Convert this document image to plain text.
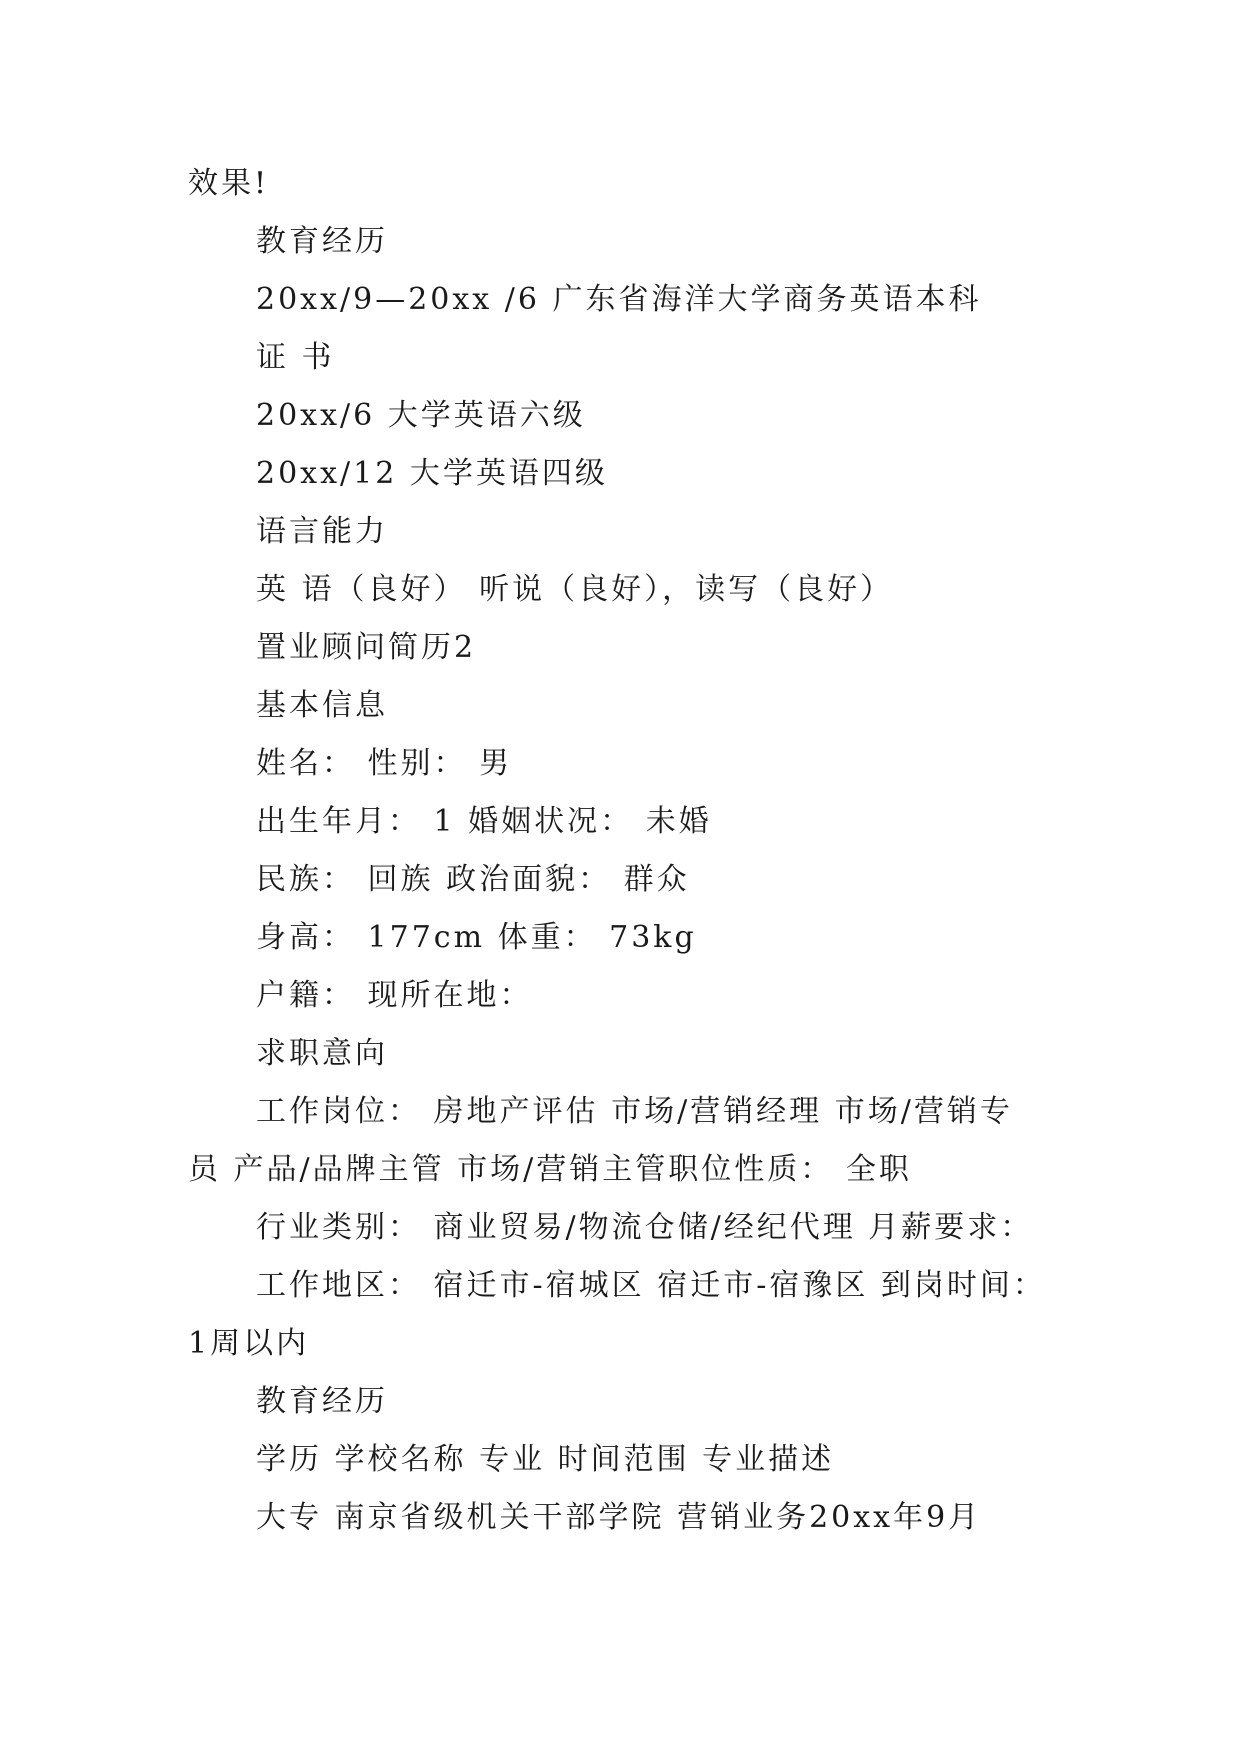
效果!
教育经历
20xx/9—20xx /6 广东省海洋大学商务英语本科
证 书
20xx/6 大学英语六级
20xx/12 大学英语四级
语言能力
英 语（良好） 听说（良好），读写（良好）
置业顾问简历2
基本信息
姓名： 性别： 男
出生年月： 1 婚姻状况： 未婚
民族： 回族 政治面貌： 群众
身高： 177cm 体重： 73kg
户籍： 现所在地：
求职意向
工作岗位： 房地产评估 市场/营销经理 市场/营销专
员 产品/品牌主管 市场/营销主管职位性质： 全职
行业类别： 商业贸易/物流仓储/经纪代理 月薪要求：
工作地区： 宿迁市-宿城区 宿迁市-宿豫区 到岗时间：
1周以内
教育经历
学历 学校名称 专业 时间范围 专业描述
大专 南京省级机关干部学院 营销业务20xx年9月
